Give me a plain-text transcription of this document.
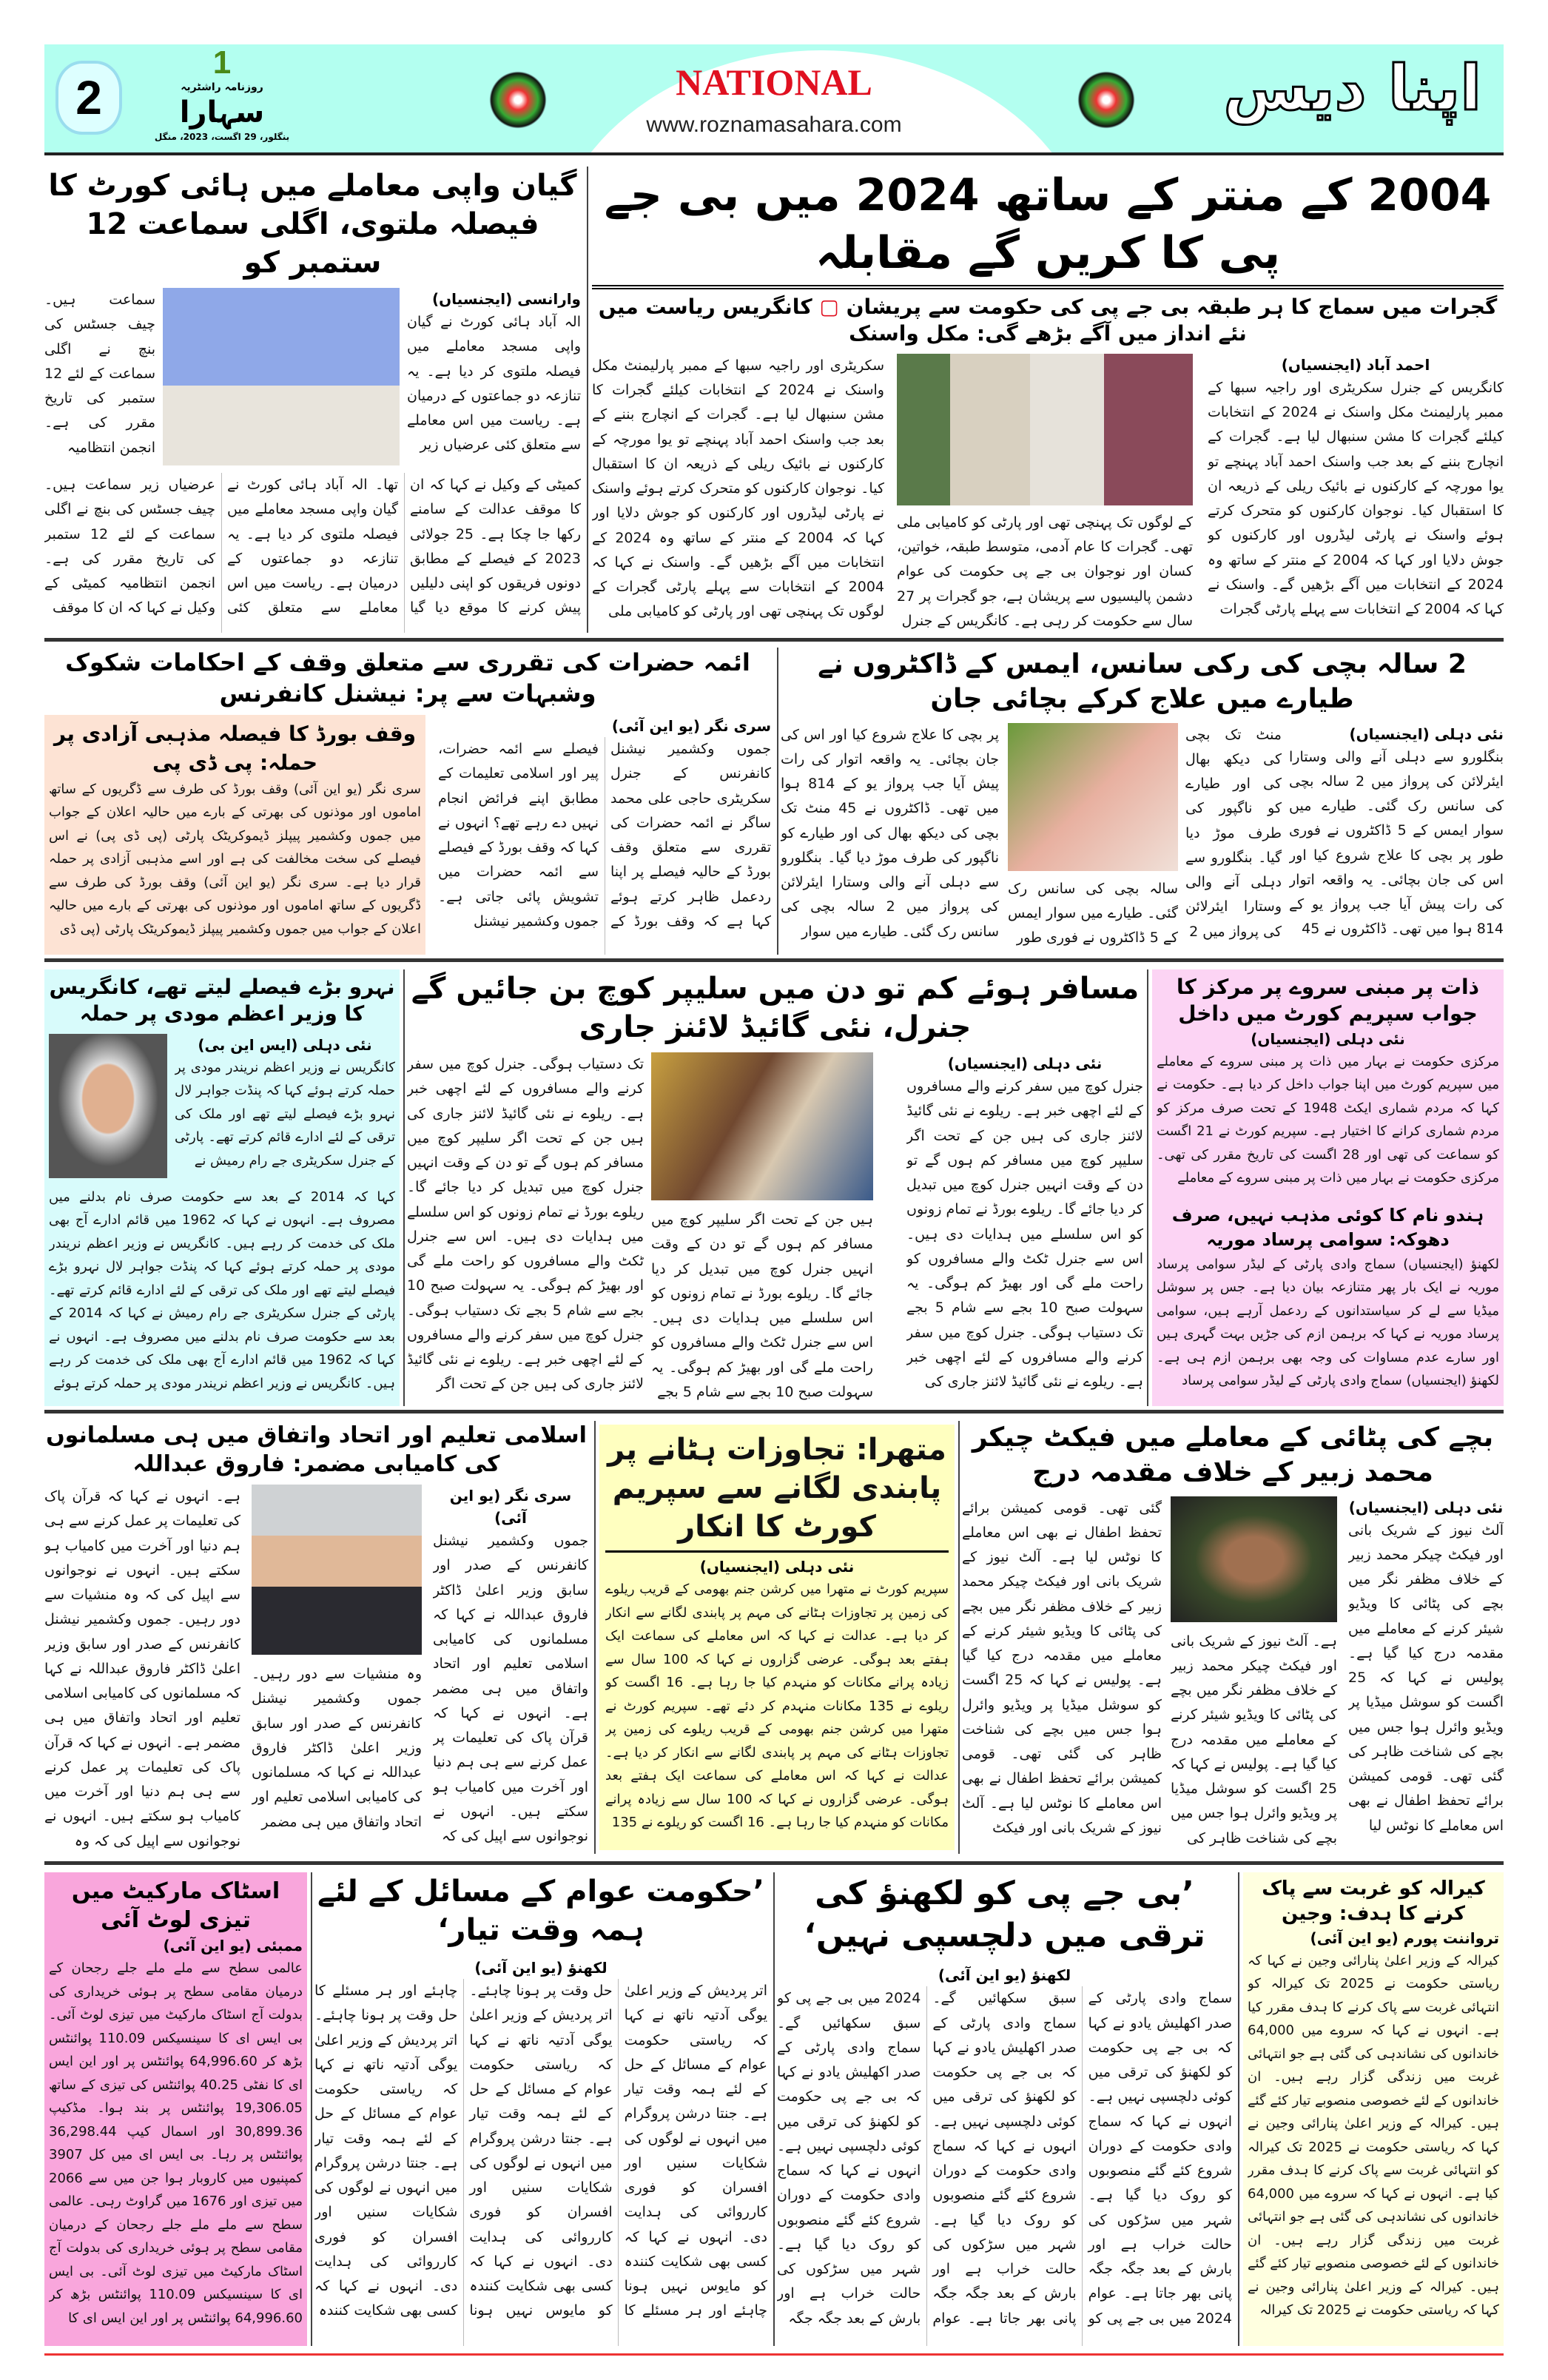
NATIONAL
www.roznamasahara.com
2
1
روزنامہ راشٹریہ
سہارا
بنگلور، 29 اگست، 2023، منگل
اپنا دیس
2004 کے منتر کے ساتھ 2024 میں بی جے پی کا کریں گے مقابلہ
گجرات میں سماج کا ہر طبقہ بی جے پی کی حکومت سے پریشان ▢ کانگریس ریاست میں نئے انداز میں آگے بڑھے گی: مکل واسنک
احمد آباد (ایجنسیاں)
کانگریس کے جنرل سکریٹری اور راجیہ سبھا کے ممبر پارلیمنٹ مکل واسنک نے 2024 کے انتخابات کیلئے گجرات کا مشن سنبھال لیا ہے۔ گجرات کے انچارج بننے کے بعد جب واسنک احمد آباد پہنچے تو یوا مورچہ کے کارکنوں نے بائیک ریلی کے ذریعہ ان کا استقبال کیا۔ نوجوان کارکنوں کو متحرک کرتے ہوئے واسنک نے پارٹی لیڈروں اور کارکنوں کو جوش دلایا اور کہا کہ 2004 کے منتر کے ساتھ وہ 2024 کے انتخابات میں آگے بڑھیں گے۔ واسنک نے کہا کہ 2004 کے انتخابات سے پہلے پارٹی گجرات
کے لوگوں تک پہنچی تھی اور پارٹی کو کامیابی ملی تھی۔ گجرات کا عام آدمی، متوسط طبقہ، خواتین، کسان اور نوجوان بی جے پی حکومت کی عوام دشمن پالیسیوں سے پریشان ہے، جو گجرات پر 27 سال سے حکومت کر رہی ہے۔ کانگریس کے جنرل
سکریٹری اور راجیہ سبھا کے ممبر پارلیمنٹ مکل واسنک نے 2024 کے انتخابات کیلئے گجرات کا مشن سنبھال لیا ہے۔ گجرات کے انچارج بننے کے بعد جب واسنک احمد آباد پہنچے تو یوا مورچہ کے کارکنوں نے بائیک ریلی کے ذریعہ ان کا استقبال کیا۔ نوجوان کارکنوں کو متحرک کرتے ہوئے واسنک نے پارٹی لیڈروں اور کارکنوں کو جوش دلایا اور کہا کہ 2004 کے منتر کے ساتھ وہ 2024 کے انتخابات میں آگے بڑھیں گے۔ واسنک نے کہا کہ 2004 کے انتخابات سے پہلے پارٹی گجرات کے لوگوں تک پہنچی تھی اور پارٹی کو کامیابی ملی
گیان واپی معاملے میں ہائی کورٹ کا فیصلہ ملتوی، اگلی سماعت 12 ستمبر کو
وارانسی (ایجنسیاں)
الہ آباد ہائی کورٹ نے گیان واپی مسجد معاملے میں فیصلہ ملتوی کر دیا ہے۔ یہ تنازعہ دو جماعتوں کے درمیان ہے۔ ریاست میں اس معاملے سے متعلق کئی عرضیاں زیر
سماعت ہیں۔ چیف جسٹس کی بنچ نے اگلی سماعت کے لئے 12 ستمبر کی تاریخ مقرر کی ہے۔ انجمن انتظامیہ
کمیٹی کے وکیل نے کہا کہ ان کا موقف عدالت کے سامنے رکھا جا چکا ہے۔ 25 جولائی 2023 کے فیصلے کے مطابق دونوں فریقوں کو اپنی دلیلیں پیش کرنے کا موقع دیا گیا تھا۔ الہ آباد ہائی کورٹ نے گیان واپی مسجد معاملے میں فیصلہ ملتوی کر دیا ہے۔ یہ تنازعہ دو جماعتوں کے درمیان ہے۔ ریاست میں اس معاملے سے متعلق کئی عرضیاں زیر سماعت ہیں۔ چیف جسٹس کی بنچ نے اگلی سماعت کے لئے 12 ستمبر کی تاریخ مقرر کی ہے۔ انجمن انتظامیہ کمیٹی کے وکیل نے کہا کہ ان کا موقف
2 سالہ بچی کی رکی سانس، ایمس کے ڈاکٹروں نے طیارے میں علاج کرکے بچائی جان
نئی دہلی (ایجنسیاں)
بنگلورو سے دہلی آنے والی وستارا ایئرلائن کی پرواز میں 2 سالہ بچی کی سانس رک گئی۔ طیارے میں سوار ایمس کے 5 ڈاکٹروں نے فوری طور پر بچی کا علاج شروع کیا اور اس کی جان بچائی۔ یہ واقعہ اتوار کی رات پیش آیا جب پرواز یو کے 814 ہوا میں تھی۔ ڈاکٹروں نے 45
منٹ تک بچی کی دیکھ بھال کی اور طیارے کو ناگپور کی طرف موڑ دیا گیا۔ بنگلورو سے دہلی آنے والی وستارا ایئرلائن کی پرواز میں 2
سالہ بچی کی سانس رک گئی۔ طیارے میں سوار ایمس کے 5 ڈاکٹروں نے فوری طور
پر بچی کا علاج شروع کیا اور اس کی جان بچائی۔ یہ واقعہ اتوار کی رات پیش آیا جب پرواز یو کے 814 ہوا میں تھی۔ ڈاکٹروں نے 45 منٹ تک بچی کی دیکھ بھال کی اور طیارے کو ناگپور کی طرف موڑ دیا گیا۔ بنگلورو سے دہلی آنے والی وستارا ایئرلائن کی پرواز میں 2 سالہ بچی کی سانس رک گئی۔ طیارے میں سوار
ائمہ حضرات کی تقرری سے متعلق وقف کے احکامات شکوک وشبہات سے پر: نیشنل کانفرنس
سری نگر (یو این آئی)
جموں وکشمیر نیشنل کانفرنس کے جنرل سکریٹری حاجی علی محمد ساگر نے ائمہ حضرات کی تقرری سے متعلق وقف بورڈ کے حالیہ فیصلے پر اپنا ردعمل ظاہر کرتے ہوئے کہا ہے کہ وقف بورڈ کے فیصلے سے ائمہ حضرات، پیر اور اسلامی تعلیمات کے مطابق اپنے فرائض انجام نہیں دے رہے تھے؟ انہوں نے کہا کہ وقف بورڈ کے فیصلے سے ائمہ حضرات میں تشویش پائی جاتی ہے۔ جموں وکشمیر نیشنل
وقف بورڈ کا فیصلہ مذہبی آزادی پر حملہ: پی ڈی پی
سری نگر (یو این آئی) وقف بورڈ کی طرف سے ڈگریوں کے ساتھ اماموں اور موذنوں کی بھرتی کے بارے میں حالیہ اعلان کے جواب میں جموں وکشمیر پیپلز ڈیموکریٹک پارٹی (پی ڈی پی) نے اس فیصلے کی سخت مخالفت کی ہے اور اسے مذہبی آزادی پر حملہ قرار دیا ہے۔ سری نگر (یو این آئی) وقف بورڈ کی طرف سے ڈگریوں کے ساتھ اماموں اور موذنوں کی بھرتی کے بارے میں حالیہ اعلان کے جواب میں جموں وکشمیر پیپلز ڈیموکریٹک پارٹی (پی ڈی
نہرو بڑے فیصلے لیتے تھے، کانگریس کا وزیر اعظم مودی پر حملہ
نئی دہلی (ایس این بی)
کانگریس نے وزیر اعظم نریندر مودی پر حملہ کرتے ہوئے کہا کہ پنڈت جواہر لال نہرو بڑے فیصلے لیتے تھے اور ملک کی ترقی کے لئے ادارے قائم کرتے تھے۔ پارٹی کے جنرل سکریٹری جے رام رمیش نے
کہا کہ 2014 کے بعد سے حکومت صرف نام بدلنے میں مصروف ہے۔ انہوں نے کہا کہ 1962 میں قائم ادارے آج بھی ملک کی خدمت کر رہے ہیں۔ کانگریس نے وزیر اعظم نریندر مودی پر حملہ کرتے ہوئے کہا کہ پنڈت جواہر لال نہرو بڑے فیصلے لیتے تھے اور ملک کی ترقی کے لئے ادارے قائم کرتے تھے۔ پارٹی کے جنرل سکریٹری جے رام رمیش نے کہا کہ 2014 کے بعد سے حکومت صرف نام بدلنے میں مصروف ہے۔ انہوں نے کہا کہ 1962 میں قائم ادارے آج بھی ملک کی خدمت کر رہے ہیں۔ کانگریس نے وزیر اعظم نریندر مودی پر حملہ کرتے ہوئے
مسافر ہوئے کم تو دن میں سلیپر کوچ بن جائیں گے جنرل، نئی گائیڈ لائنز جاری
نئی دہلی (ایجنسیاں)
جنرل کوچ میں سفر کرنے والے مسافروں کے لئے اچھی خبر ہے۔ ریلوے نے نئی گائیڈ لائنز جاری کی ہیں جن کے تحت اگر سلیپر کوچ میں مسافر کم ہوں گے تو دن کے وقت انہیں جنرل کوچ میں تبدیل کر دیا جائے گا۔ ریلوے بورڈ نے تمام زونوں کو اس سلسلے میں ہدایات دی ہیں۔ اس سے جنرل ٹکٹ والے مسافروں کو راحت ملے گی اور بھیڑ کم ہوگی۔ یہ سہولت صبح 10 بجے سے شام 5 بجے تک دستیاب ہوگی۔ جنرل کوچ میں سفر کرنے والے مسافروں کے لئے اچھی خبر ہے۔ ریلوے نے نئی گائیڈ لائنز جاری کی
ہیں جن کے تحت اگر سلیپر کوچ میں مسافر کم ہوں گے تو دن کے وقت انہیں جنرل کوچ میں تبدیل کر دیا جائے گا۔ ریلوے بورڈ نے تمام زونوں کو اس سلسلے میں ہدایات دی ہیں۔ اس سے جنرل ٹکٹ والے مسافروں کو راحت ملے گی اور بھیڑ کم ہوگی۔ یہ سہولت صبح 10 بجے سے شام 5 بجے
تک دستیاب ہوگی۔ جنرل کوچ میں سفر کرنے والے مسافروں کے لئے اچھی خبر ہے۔ ریلوے نے نئی گائیڈ لائنز جاری کی ہیں جن کے تحت اگر سلیپر کوچ میں مسافر کم ہوں گے تو دن کے وقت انہیں جنرل کوچ میں تبدیل کر دیا جائے گا۔ ریلوے بورڈ نے تمام زونوں کو اس سلسلے میں ہدایات دی ہیں۔ اس سے جنرل ٹکٹ والے مسافروں کو راحت ملے گی اور بھیڑ کم ہوگی۔ یہ سہولت صبح 10 بجے سے شام 5 بجے تک دستیاب ہوگی۔ جنرل کوچ میں سفر کرنے والے مسافروں کے لئے اچھی خبر ہے۔ ریلوے نے نئی گائیڈ لائنز جاری کی ہیں جن کے تحت اگر
ذات پر مبنی سروے پر مرکز کا جواب سپریم کورٹ میں داخل
نئی دہلی (ایجنسیاں)
مرکزی حکومت نے بہار میں ذات پر مبنی سروے کے معاملے میں سپریم کورٹ میں اپنا جواب داخل کر دیا ہے۔ حکومت نے کہا کہ مردم شماری ایکٹ 1948 کے تحت صرف مرکز کو مردم شماری کرانے کا اختیار ہے۔ سپریم کورٹ نے 21 اگست کو سماعت کی تھی اور 28 اگست کی تاریخ مقرر کی تھی۔ مرکزی حکومت نے بہار میں ذات پر مبنی سروے کے معاملے
ہندو نام کا کوئی مذہب نہیں، صرف دھوکہ: سوامی پرساد موریہ
لکھنؤ (ایجنسیاں) سماج وادی پارٹی کے لیڈر سوامی پرساد موریہ نے ایک بار پھر متنازعہ بیان دیا ہے۔ جس پر سوشل میڈیا سے لے کر سیاستدانوں کے ردعمل آرہے ہیں، سوامی پرساد موریہ نے کہا کہ برہمن ازم کی جڑیں بہت گہری ہیں اور سارے عدم مساوات کی وجہ بھی برہمن ازم ہی ہے۔ لکھنؤ (ایجنسیاں) سماج وادی پارٹی کے لیڈر سوامی پرساد
بچے کی پٹائی کے معاملے میں فیکٹ چیکر محمد زبیر کے خلاف مقدمہ درج
نئی دہلی (ایجنسیاں)
آلٹ نیوز کے شریک بانی اور فیکٹ چیکر محمد زبیر کے خلاف مظفر نگر میں بچے کی پٹائی کا ویڈیو شیئر کرنے کے معاملے میں مقدمہ درج کیا گیا ہے۔ پولیس نے کہا کہ 25 اگست کو سوشل میڈیا پر ویڈیو وائرل ہوا جس میں بچے کی شناخت ظاہر کی گئی تھی۔ قومی کمیشن برائے تحفظ اطفال نے بھی اس معاملے کا نوٹس لیا
ہے۔ آلٹ نیوز کے شریک بانی اور فیکٹ چیکر محمد زبیر کے خلاف مظفر نگر میں بچے کی پٹائی کا ویڈیو شیئر کرنے کے معاملے میں مقدمہ درج کیا گیا ہے۔ پولیس نے کہا کہ 25 اگست کو سوشل میڈیا پر ویڈیو وائرل ہوا جس میں بچے کی شناخت ظاہر کی
گئی تھی۔ قومی کمیشن برائے تحفظ اطفال نے بھی اس معاملے کا نوٹس لیا ہے۔ آلٹ نیوز کے شریک بانی اور فیکٹ چیکر محمد زبیر کے خلاف مظفر نگر میں بچے کی پٹائی کا ویڈیو شیئر کرنے کے معاملے میں مقدمہ درج کیا گیا ہے۔ پولیس نے کہا کہ 25 اگست کو سوشل میڈیا پر ویڈیو وائرل ہوا جس میں بچے کی شناخت ظاہر کی گئی تھی۔ قومی کمیشن برائے تحفظ اطفال نے بھی اس معاملے کا نوٹس لیا ہے۔ آلٹ نیوز کے شریک بانی اور فیکٹ
متھرا: تجاوزات ہٹانے پر پابندی لگانے سے سپریم کورٹ کا انکار
نئی دہلی (ایجنسیاں)
سپریم کورٹ نے متھرا میں کرشن جنم بھومی کے قریب ریلوے کی زمین پر تجاوزات ہٹانے کی مہم پر پابندی لگانے سے انکار کر دیا ہے۔ عدالت نے کہا کہ اس معاملے کی سماعت ایک ہفتے بعد ہوگی۔ عرضی گزاروں نے کہا کہ 100 سال سے زیادہ پرانے مکانات کو منہدم کیا جا رہا ہے۔ 16 اگست کو ریلوے نے 135 مکانات منہدم کر دئے تھے۔ سپریم کورٹ نے متھرا میں کرشن جنم بھومی کے قریب ریلوے کی زمین پر تجاوزات ہٹانے کی مہم پر پابندی لگانے سے انکار کر دیا ہے۔ عدالت نے کہا کہ اس معاملے کی سماعت ایک ہفتے بعد ہوگی۔ عرضی گزاروں نے کہا کہ 100 سال سے زیادہ پرانے مکانات کو منہدم کیا جا رہا ہے۔ 16 اگست کو ریلوے نے 135
اسلامی تعلیم اور اتحاد واتفاق میں ہی مسلمانوں کی کامیابی مضمر: فاروق عبداللہ
سری نگر (یو این آئی)
جموں وکشمیر نیشنل کانفرنس کے صدر اور سابق وزیر اعلیٰ ڈاکٹر فاروق عبداللہ نے کہا کہ مسلمانوں کی کامیابی اسلامی تعلیم اور اتحاد واتفاق میں ہی مضمر ہے۔ انہوں نے کہا کہ قرآن پاک کی تعلیمات پر عمل کرنے سے ہی ہم دنیا اور آخرت میں کامیاب ہو سکتے ہیں۔ انہوں نے نوجوانوں سے اپیل کی کہ
وہ منشیات سے دور رہیں۔ جموں وکشمیر نیشنل کانفرنس کے صدر اور سابق وزیر اعلیٰ ڈاکٹر فاروق عبداللہ نے کہا کہ مسلمانوں کی کامیابی اسلامی تعلیم اور اتحاد واتفاق میں ہی مضمر
ہے۔ انہوں نے کہا کہ قرآن پاک کی تعلیمات پر عمل کرنے سے ہی ہم دنیا اور آخرت میں کامیاب ہو سکتے ہیں۔ انہوں نے نوجوانوں سے اپیل کی کہ وہ منشیات سے دور رہیں۔ جموں وکشمیر نیشنل کانفرنس کے صدر اور سابق وزیر اعلیٰ ڈاکٹر فاروق عبداللہ نے کہا کہ مسلمانوں کی کامیابی اسلامی تعلیم اور اتحاد واتفاق میں ہی مضمر ہے۔ انہوں نے کہا کہ قرآن پاک کی تعلیمات پر عمل کرنے سے ہی ہم دنیا اور آخرت میں کامیاب ہو سکتے ہیں۔ انہوں نے نوجوانوں سے اپیل کی کہ وہ
کیرالہ کو غربت سے پاک کرنے کا ہدف: وجین
ترواننت پورم (یو این آئی)
کیرالہ کے وزیر اعلیٰ پنارائی وجین نے کہا کہ ریاستی حکومت نے 2025 تک کیرالہ کو انتہائی غربت سے پاک کرنے کا ہدف مقرر کیا ہے۔ انہوں نے کہا کہ سروے میں 64,000 خاندانوں کی نشاندہی کی گئی ہے جو انتہائی غربت میں زندگی گزار رہے ہیں۔ ان خاندانوں کے لئے خصوصی منصوبے تیار کئے گئے ہیں۔ کیرالہ کے وزیر اعلیٰ پنارائی وجین نے کہا کہ ریاستی حکومت نے 2025 تک کیرالہ کو انتہائی غربت سے پاک کرنے کا ہدف مقرر کیا ہے۔ انہوں نے کہا کہ سروے میں 64,000 خاندانوں کی نشاندہی کی گئی ہے جو انتہائی غربت میں زندگی گزار رہے ہیں۔ ان خاندانوں کے لئے خصوصی منصوبے تیار کئے گئے ہیں۔ کیرالہ کے وزیر اعلیٰ پنارائی وجین نے کہا کہ ریاستی حکومت نے 2025 تک کیرالہ
’بی جے پی کو لکھنؤ کی ترقی میں دلچسپی نہیں‘
لکھنؤ (یو این آئی)
سماج وادی پارٹی کے صدر اکھلیش یادو نے کہا کہ بی جے پی حکومت کو لکھنؤ کی ترقی میں کوئی دلچسپی نہیں ہے۔ انہوں نے کہا کہ سماج وادی حکومت کے دوران شروع کئے گئے منصوبوں کو روک دیا گیا ہے۔ شہر میں سڑکوں کی حالت خراب ہے اور بارش کے بعد جگہ جگہ پانی بھر جاتا ہے۔ عوام 2024 میں بی جے پی کو سبق سکھائیں گے۔ سماج وادی پارٹی کے صدر اکھلیش یادو نے کہا کہ بی جے پی حکومت کو لکھنؤ کی ترقی میں کوئی دلچسپی نہیں ہے۔ انہوں نے کہا کہ سماج وادی حکومت کے دوران شروع کئے گئے منصوبوں کو روک دیا گیا ہے۔ شہر میں سڑکوں کی حالت خراب ہے اور بارش کے بعد جگہ جگہ پانی بھر جاتا ہے۔ عوام 2024 میں بی جے پی کو سبق سکھائیں گے۔ سماج وادی پارٹی کے صدر اکھلیش یادو نے کہا کہ بی جے پی حکومت کو لکھنؤ کی ترقی میں کوئی دلچسپی نہیں ہے۔ انہوں نے کہا کہ سماج وادی حکومت کے دوران شروع کئے گئے منصوبوں کو روک دیا گیا ہے۔ شہر میں سڑکوں کی حالت خراب ہے اور بارش کے بعد جگہ جگہ
’حکومت عوام کے مسائل کے لئے ہمہ وقت تیار‘
لکھنؤ (یو این آئی)
اتر پردیش کے وزیر اعلیٰ یوگی آدتیہ ناتھ نے کہا کہ ریاستی حکومت عوام کے مسائل کے حل کے لئے ہمہ وقت تیار ہے۔ جنتا درشن پروگرام میں انہوں نے لوگوں کی شکایات سنیں اور افسران کو فوری کارروائی کی ہدایت دی۔ انہوں نے کہا کہ کسی بھی شکایت کنندہ کو مایوس نہیں ہونا چاہئے اور ہر مسئلے کا حل وقت پر ہونا چاہئے۔ اتر پردیش کے وزیر اعلیٰ یوگی آدتیہ ناتھ نے کہا کہ ریاستی حکومت عوام کے مسائل کے حل کے لئے ہمہ وقت تیار ہے۔ جنتا درشن پروگرام میں انہوں نے لوگوں کی شکایات سنیں اور افسران کو فوری کارروائی کی ہدایت دی۔ انہوں نے کہا کہ کسی بھی شکایت کنندہ کو مایوس نہیں ہونا چاہئے اور ہر مسئلے کا حل وقت پر ہونا چاہئے۔ اتر پردیش کے وزیر اعلیٰ یوگی آدتیہ ناتھ نے کہا کہ ریاستی حکومت عوام کے مسائل کے حل کے لئے ہمہ وقت تیار ہے۔ جنتا درشن پروگرام میں انہوں نے لوگوں کی شکایات سنیں اور افسران کو فوری کارروائی کی ہدایت دی۔ انہوں نے کہا کہ کسی بھی شکایت کنندہ
اسٹاک مارکیٹ میں تیزی لوٹ آئی
ممبئی (یو این آئی)
عالمی سطح سے ملے ملے جلے رجحان کے درمیان مقامی سطح پر ہوئی خریداری کی بدولت آج اسٹاک مارکیٹ میں تیزی لوٹ آئی۔ بی ایس ای کا سینسیکس 110.09 پوائنٹس بڑھ کر 64,996.60 پوائنٹس پر اور این ایس ای کا نفٹی 40.25 پوائنٹس کی تیزی کے ساتھ 19,306.05 پوائنٹس پر بند ہوا۔ مڈکیپ 30,899.36 اور اسمال کیپ 36,298.44 پوائنٹس پر رہا۔ بی ایس ای میں کل 3907 کمپنیوں میں کاروبار ہوا جن میں سے 2066 میں تیزی اور 1676 میں گراوٹ رہی۔ عالمی سطح سے ملے ملے جلے رجحان کے درمیان مقامی سطح پر ہوئی خریداری کی بدولت آج اسٹاک مارکیٹ میں تیزی لوٹ آئی۔ بی ایس ای کا سینسیکس 110.09 پوائنٹس بڑھ کر 64,996.60 پوائنٹس پر اور این ایس ای کا
